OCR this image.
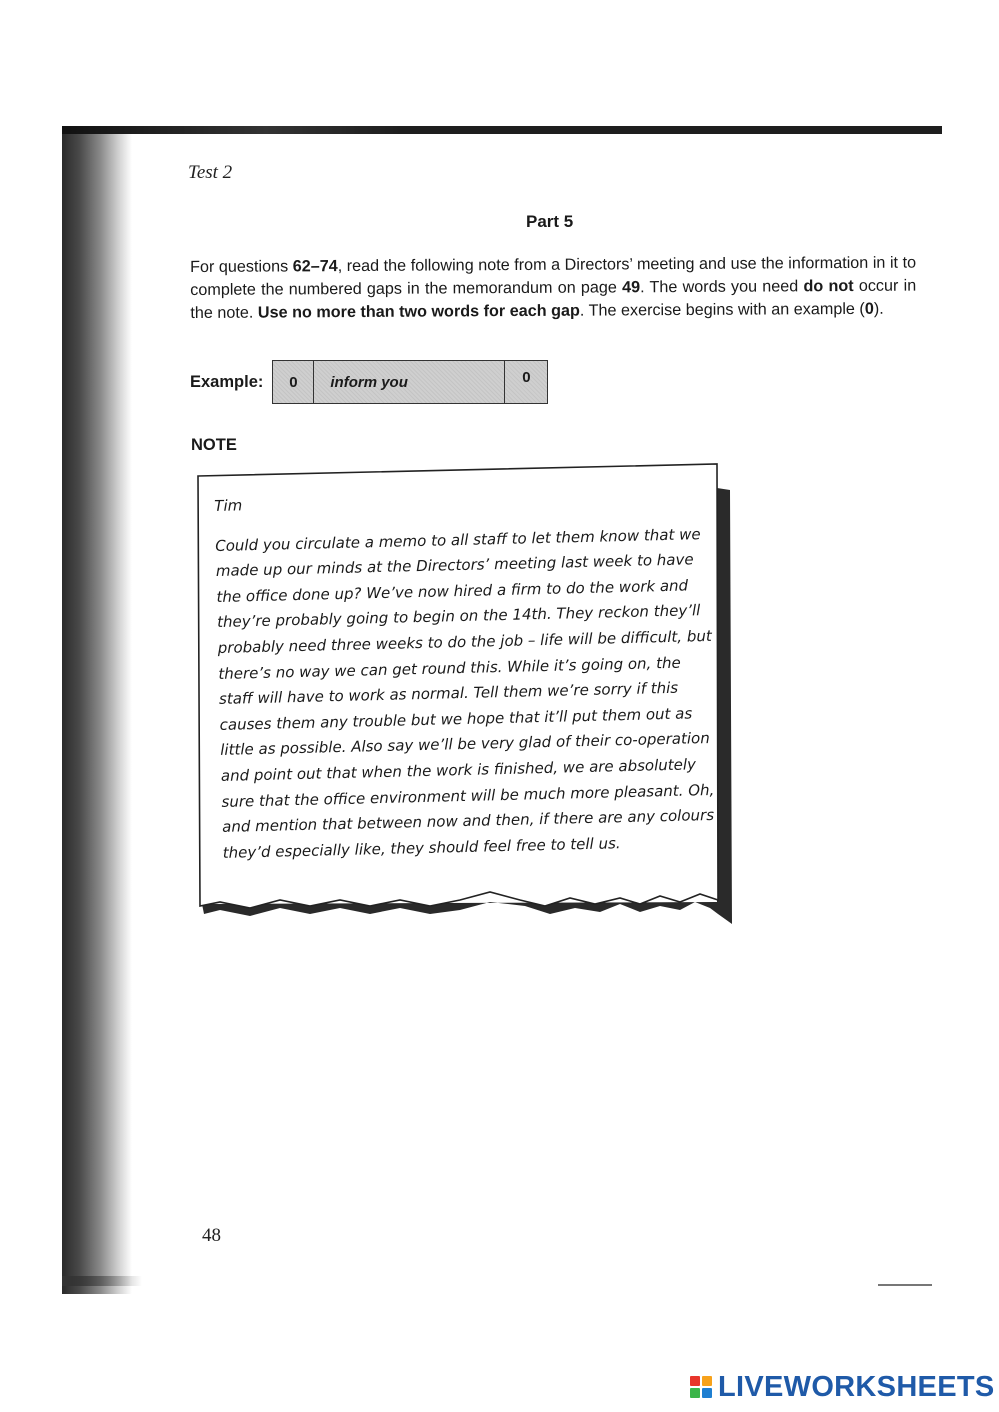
Test 2
Part 5
For questions 62–74, read the following note from a Directors’ meeting and use the information in it to complete the numbered gaps in the memorandum on page 49. The words you need do not occur in the note. Use no more than two words for each gap. The exercise begins with an example (0).
Example:	0	inform you	0
NOTE
Tim
Could you circulate a memo to all staff to let them know that we made up our minds at the Directors’ meeting last week to have the office done up? We’ve now hired a firm to do the work and they’re probably going to begin on the 14th. They reckon they’ll probably need three weeks to do the job – life will be difficult, but there’s no way we can get round this. While it’s going on, the staff will have to work as normal. Tell them we’re sorry if this causes them any trouble but we hope that it’ll put them out as little as possible. Also say we’ll be very glad of their co-operation and point out that when the work is finished, we are absolutely sure that the office environment will be much more pleasant. Oh, and mention that between now and then, if there are any colours they’d especially like, they should feel free to tell us.
48
LIVEWORKSHEETS
